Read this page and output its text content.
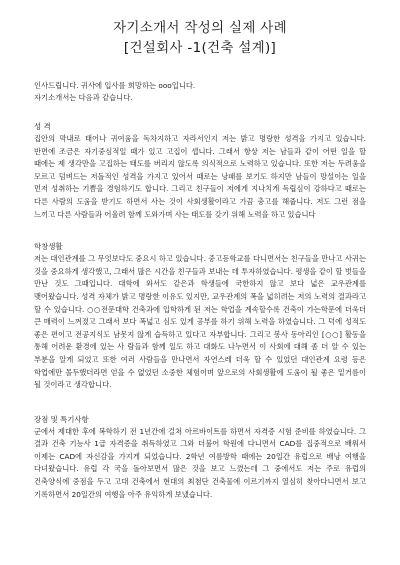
자기소개서 작성의 실제 사례
[건설회사 -1(건축 설계)]
인사드립니다. 귀사에 입사를 희망하는 ooo입니다.
자기소개서는 다음과 같습니다.
성 격

집안의 막내로 태어나 귀여움을 독차지하고 자라서인지 저는 밝고 명랑한 성격을 가지고 있습니다. 반면에 조금은 자기중심적일 때가 있고 고집이 셉니다. 그래서 항상 저는 남들과 같이 어떤 일을 할 때에는 제 생각만을 고집하는 태도를 버리지 않도록 의식적으로 노력하고 있습니다. 또한 저는 두려움을 모르고 덤벼드는 저돌적인 성격을 가지고 있어서 때로는 낭패를 보기도 하지만 남들이 망설이는 일을 먼저 성취하는 기쁨을 경험하기도 합니다. 그리고 친구들이 저에게 지나치게 독립심이 강하다고 때로는 다른 사람의 도움을 받기도 하면서 사는 것이 사회생활이라고 가끔 충고를 해줍니다. 저도 그런 점을 느끼고 다른 사람들과 어울려 함께 도와가며 사는 태도를 갖기 위해 노력을 하고 있습니다

학창생활

저는 대인관계를 그 무엇보다도 중요시 하고 있습니다. 중고등학교를 다니면서는 친구들을 만나고 사귀는 것을 중요하게 생각했고, 그래서 많은 시간을 친구들과 보내는 데 투자하였습니다. 평생을 같이 할 벗들을 만난 것도 그때입니다. 대학에 와서도 같은과 학생들에 국한하지 않고 보다 넓은 교우관계를 맺어왔습니다. 성격 자체가 밝고 명랑한 이유도 있지만, 교우관계의 폭을 넓히려는 저의 노력의 결과라고 할 수 있습니다. ○○전문대학 건축과에 입학하게 된 저는 학업을 계속할수록 건축이 가는학문에 더욱더 큰 매력이 느껴졌고 그래서 보다 폭넓고 심도 있게 공부를 하기 위해 노력을 하였습니다. 그 덕에 성적도 좋은 편이고 전공지식도 남못지 않게 습득하고 있다고 자부합니다. 그리고 봉사 동아리인 [○○] 활동을 통해 어려운 환경에 있는 사 람들과 함께 일도 하고 대화도 나누면서 이 사회에 대해 좀 더 알 수 있는 부분을 알게 되었고 또한 여러 사람들을 만나면서 자연스레 더욱 할 수 있었던 대인관계 요령 등은 학업에만 몰두했더라면 얻을 수 없었던 소중한 체험이며 앞으로의 사회생활에 도움이 될 좋은 밑거름이 될 것이라고 생각합니다.

장점 및 특기사항

군에서 제대한 후에 복학하기 전 1년간에 걸쳐 아르바이트를 하면서 자격증 시험 준비를 하였습니다. 그 결과 건축 기능사 1급 자격증을 취득하였고 그와 더불어 학원에 다니면서 CAD를 집중적으로 배워서 이제는 CAD에 자신감을 가지게 되었습니다. 2학년 여름방학 때에는 20일간 유럽으로 배낭 여행을 다녀왔습니다. 유럽 각 국을 돌아보면서 많은 것을 보고 느꼈는데 그 중에서도 저는 주로 유럽의 건축양식에 중점을 두고 고대 건축에서 현대의 최첨단 건축물에 이르기까지 열심히 찾아다니면서 보고 기록하면서 20일간의 여행을 아주 유익하게 보냈습니다.
